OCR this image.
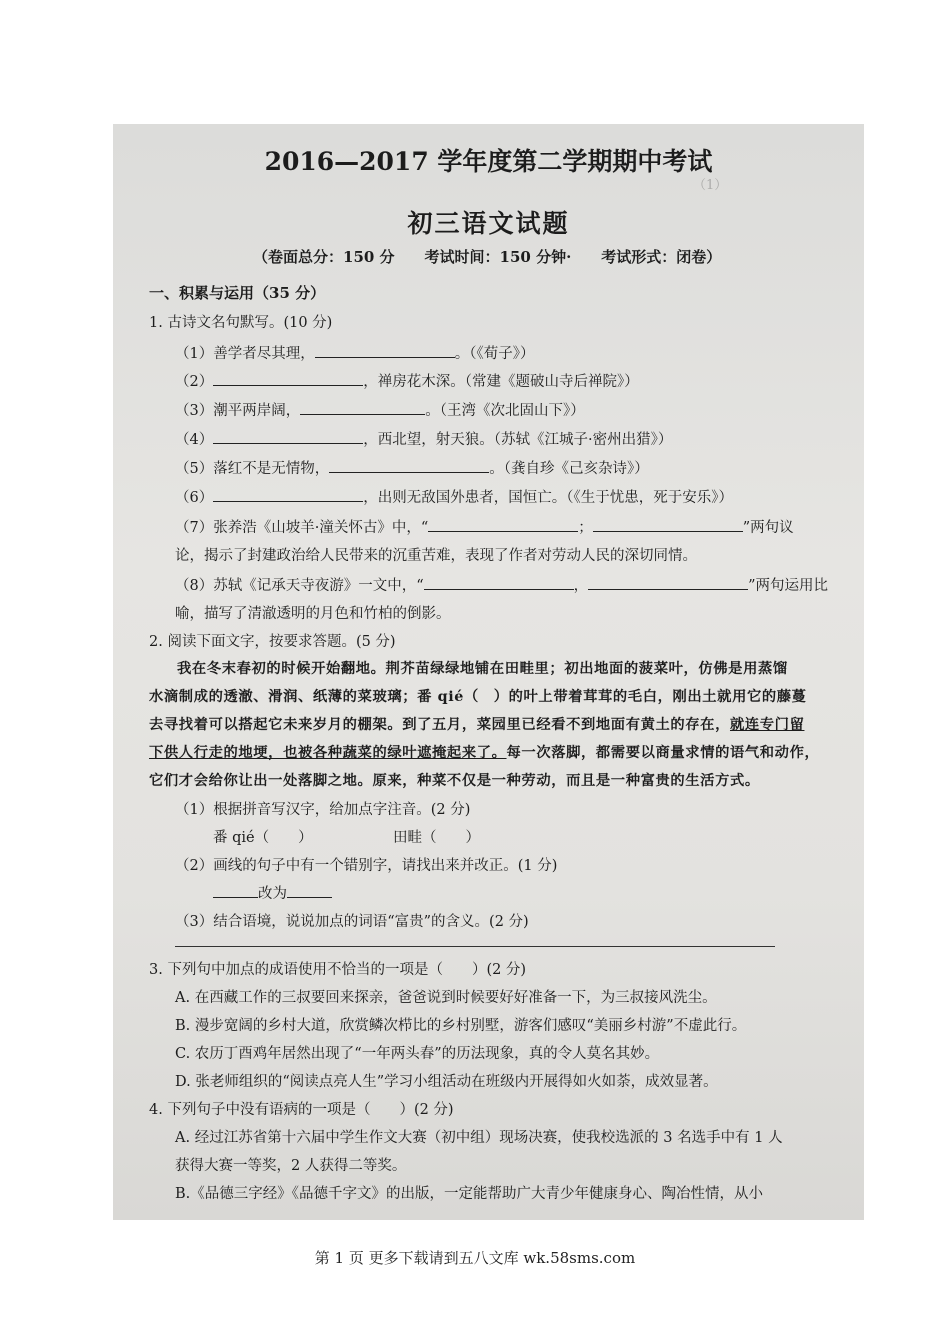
（1）　　　　　　　　　

2016—2017 学年度第二学期期中考试
初三语文试题
（卷面总分：150 分　　考试时间：150 分钟·　　考试形式：闭卷）
一、积累与运用（35 分）
1. 古诗文名句默写。(10 分)
（1）善学者尽其理，	。（《荀子》）
（2）	，禅房花木深。（常建《题破山寺后禅院》）
（3）潮平两岸阔，	。（王湾《次北固山下》）
（4）	，西北望，射天狼。（苏轼《江城子·密州出猎》）
（5）落红不是无情物，	。（龚自珍《己亥杂诗》）
（6）	，出则无敌国外患者，国恒亡。（《生于忧患，死于安乐》）
（7）张养浩《山坡羊·潼关怀古》中，“	；	”两句议
论，揭示了封建政治给人民带来的沉重苦难，表现了作者对劳动人民的深切同情。
（8）苏轼《记承天寺夜游》一文中，“	，	”两句运用比
喻，描写了清澈透明的月色和竹柏的倒影。
2. 阅读下面文字，按要求答题。(5 分)
我在冬末春初的时候开始翻地。荆芥苗绿绿地铺在田畦里；初出地面的菠菜叶，仿佛是用蒸馏
水滴制成的透澈、滑润、纸薄的菜玻璃；番 qié（　）的叶上带着茸茸的毛白，刚出土就用它的藤蔓
去寻找着可以搭起它未来岁月的棚架。到了五月，菜园里已经看不到地面有黄土的存在，就连专门留
下供人行走的地埂，也被各种蔬菜的绿叶遮掩起来了。每一次落脚，都需要以商量求情的语气和动作，
它们才会给你让出一处落脚之地。原来，种菜不仅是一种劳动，而且是一种富贵的生活方式。
（1）根据拼音写汉字，给加点字注音。(2 分)
番 qié（　　）	田畦（　　）
（2）画线的句子中有一个错别字，请找出来并改正。(1 分)
改为
（3）结合语境，说说加点的词语“富贵”的含义。(2 分)
3. 下列句中加点的成语使用不恰当的一项是（　　）(2 分)
A. 在西藏工作的三叔要回来探亲，爸爸说到时候要好好准备一下，为三叔接风洗尘。
B. 漫步宽阔的乡村大道，欣赏鳞次栉比的乡村别墅，游客们感叹“美丽乡村游”不虚此行。
C. 农历丁酉鸡年居然出现了“一年两头春”的历法现象，真的令人莫名其妙。
D. 张老师组织的“阅读点亮人生”学习小组活动在班级内开展得如火如荼，成效显著。
4. 下列句子中没有语病的一项是（　　）(2 分)
A. 经过江苏省第十六届中学生作文大赛（初中组）现场决赛，使我校选派的 3 名选手中有 1 人
获得大赛一等奖，2 人获得二等奖。
B.《品德三字经》《品德千字文》的出版，一定能帮助广大青少年健康身心、陶冶性情，从小
第 1 页 更多下载请到五八文库 wk.58sms.com
